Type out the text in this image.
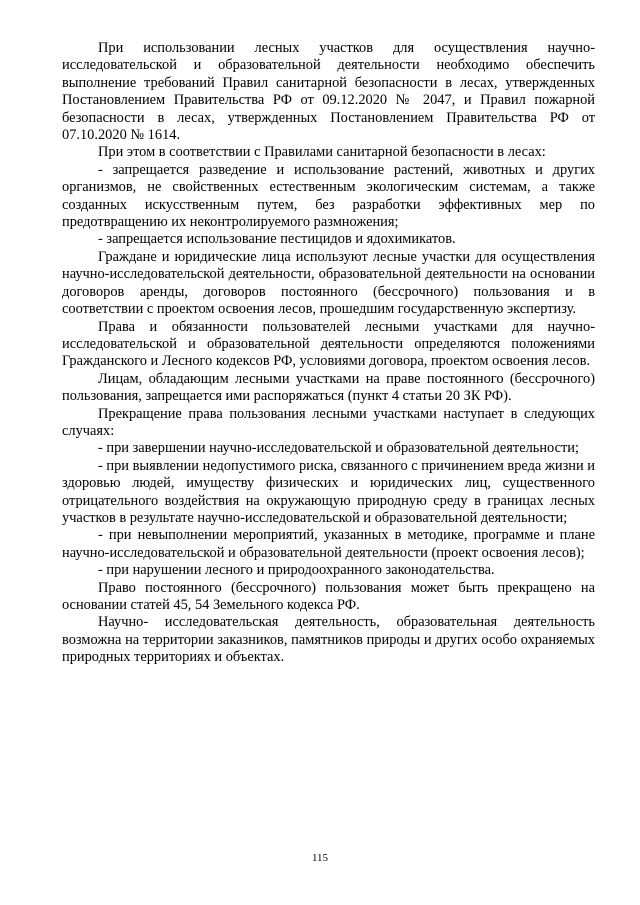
При использовании лесных участков для осуществления научно-исследовательской и образовательной деятельности необходимо обеспечить выполнение требований Правил санитарной безопасности в лесах, утвержденных Постановлением Правительства РФ от 09.12.2020 № 2047, и Правил пожарной безопасности в лесах, утвержденных Постановлением Правительства РФ от 07.10.2020 № 1614.

При этом в соответствии с Правилами санитарной безопасности в лесах:

- запрещается разведение и использование растений, животных и других организмов, не свойственных естественным экологическим системам, а также созданных искусственным путем, без разработки эффективных мер по предотвращению их неконтролируемого размножения;

- запрещается использование пестицидов и ядохимикатов.

Граждане и юридические лица используют лесные участки для осуществления научно-исследовательской деятельности, образовательной деятельности на основании договоров аренды, договоров постоянного (бессрочного) пользования и в соответствии с проектом освоения лесов, прошедшим государственную экспертизу.

Права и обязанности пользователей лесными участками для научно-исследовательской и образовательной деятельности определяются положениями Гражданского и Лесного кодексов РФ, условиями договора, проектом освоения лесов.

Лицам, обладающим лесными участками на праве постоянного (бессрочного) пользования, запрещается ими распоряжаться (пункт 4 статьи 20 ЗК РФ).

Прекращение права пользования лесными участками наступает в следующих случаях:

- при завершении научно-исследовательской и образовательной деятельности;

- при выявлении недопустимого риска, связанного с причинением вреда жизни и здоровью людей, имуществу физических и юридических лиц, существенного отрицательного воздействия на окружающую природную среду в границах лесных участков в результате научно-исследовательской и образовательной деятельности;

- при невыполнении мероприятий, указанных в методике, программе и плане научно-исследовательской и образовательной деятельности (проект освоения лесов);

- при нарушении лесного и природоохранного законодательства.

Право постоянного (бессрочного) пользования может быть прекращено на основании статей 45, 54 Земельного кодекса РФ.

Научно- исследовательская деятельность, образовательная деятельность возможна на территории заказников, памятников природы и других особо охраняемых природных территориях и объектах.

115
